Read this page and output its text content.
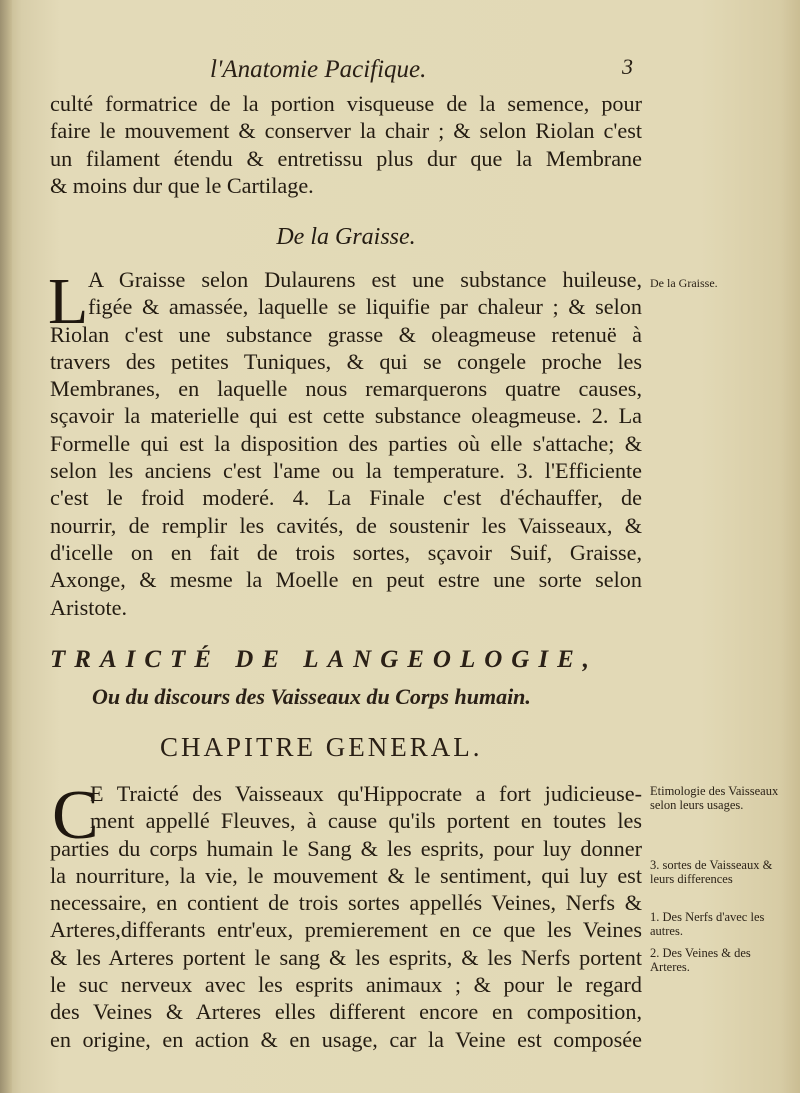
l'Anatomie Pacifique.	3
culté formatrice de la portion visqueuse de la semence, pour
faire le mouvement & conserver la chair ; & selon Riolan c'est
un filament étendu & entretissu plus dur que la Membrane
& moins dur que le Cartilage.
De la Graisse.
L A Graisse selon Dulaurens est une substance huileuse,
figée & amassée, laquelle se liquifie par chaleur ; & selon
Riolan c'est une substance grasse & oleagmeuse retenuë à
travers des petites Tuniques, & qui se congele proche les
Membranes, en laquelle nous remarquerons quatre causes,
sçavoir la materielle qui est cette substance oleagmeuse. 2. La
Formelle qui est la disposition des parties où elle s'attache; &
selon les anciens c'est l'ame ou la temperature. 3. l'Efficiente
c'est le froid moderé. 4. La Finale c'est d'échauffer, de
nourrir, de remplir les cavités, de soustenir les Vaisseaux, &
d'icelle on en fait de trois sortes, sçavoir Suif, Graisse,
Axonge, & mesme la Moelle en peut estre une sorte selon
Aristote.
De la Graisse.
TRAICTÉ DE LANGEOLOGIE,
Ou du discours des Vaisseaux du Corps humain.
CHAPITRE GENERAL.
C
E Traicté des Vaisseaux qu'Hippocrate a fort judicieuse-
ment appellé Fleuves, à cause qu'ils portent en toutes les
parties du corps humain le Sang & les esprits, pour luy donner
la nourriture, la vie, le mouvement & le sentiment, qui luy est
necessaire, en contient de trois sortes appellés Veines, Nerfs &
Arteres,differants entr'eux, premierement en ce que les Veines
& les Arteres portent le sang & les esprits, & les Nerfs portent
le suc nerveux avec les esprits animaux ; & pour le regard
des Veines & Arteres elles different encore en composition,
en origine, en action & en usage, car la Veine est composée
Etimologie des Vaisseaux selon leurs usages.
3. sortes de Vaisseaux & leurs differences
1. Des Nerfs d'avec les autres.
2. Des Veines & des Arteres.
